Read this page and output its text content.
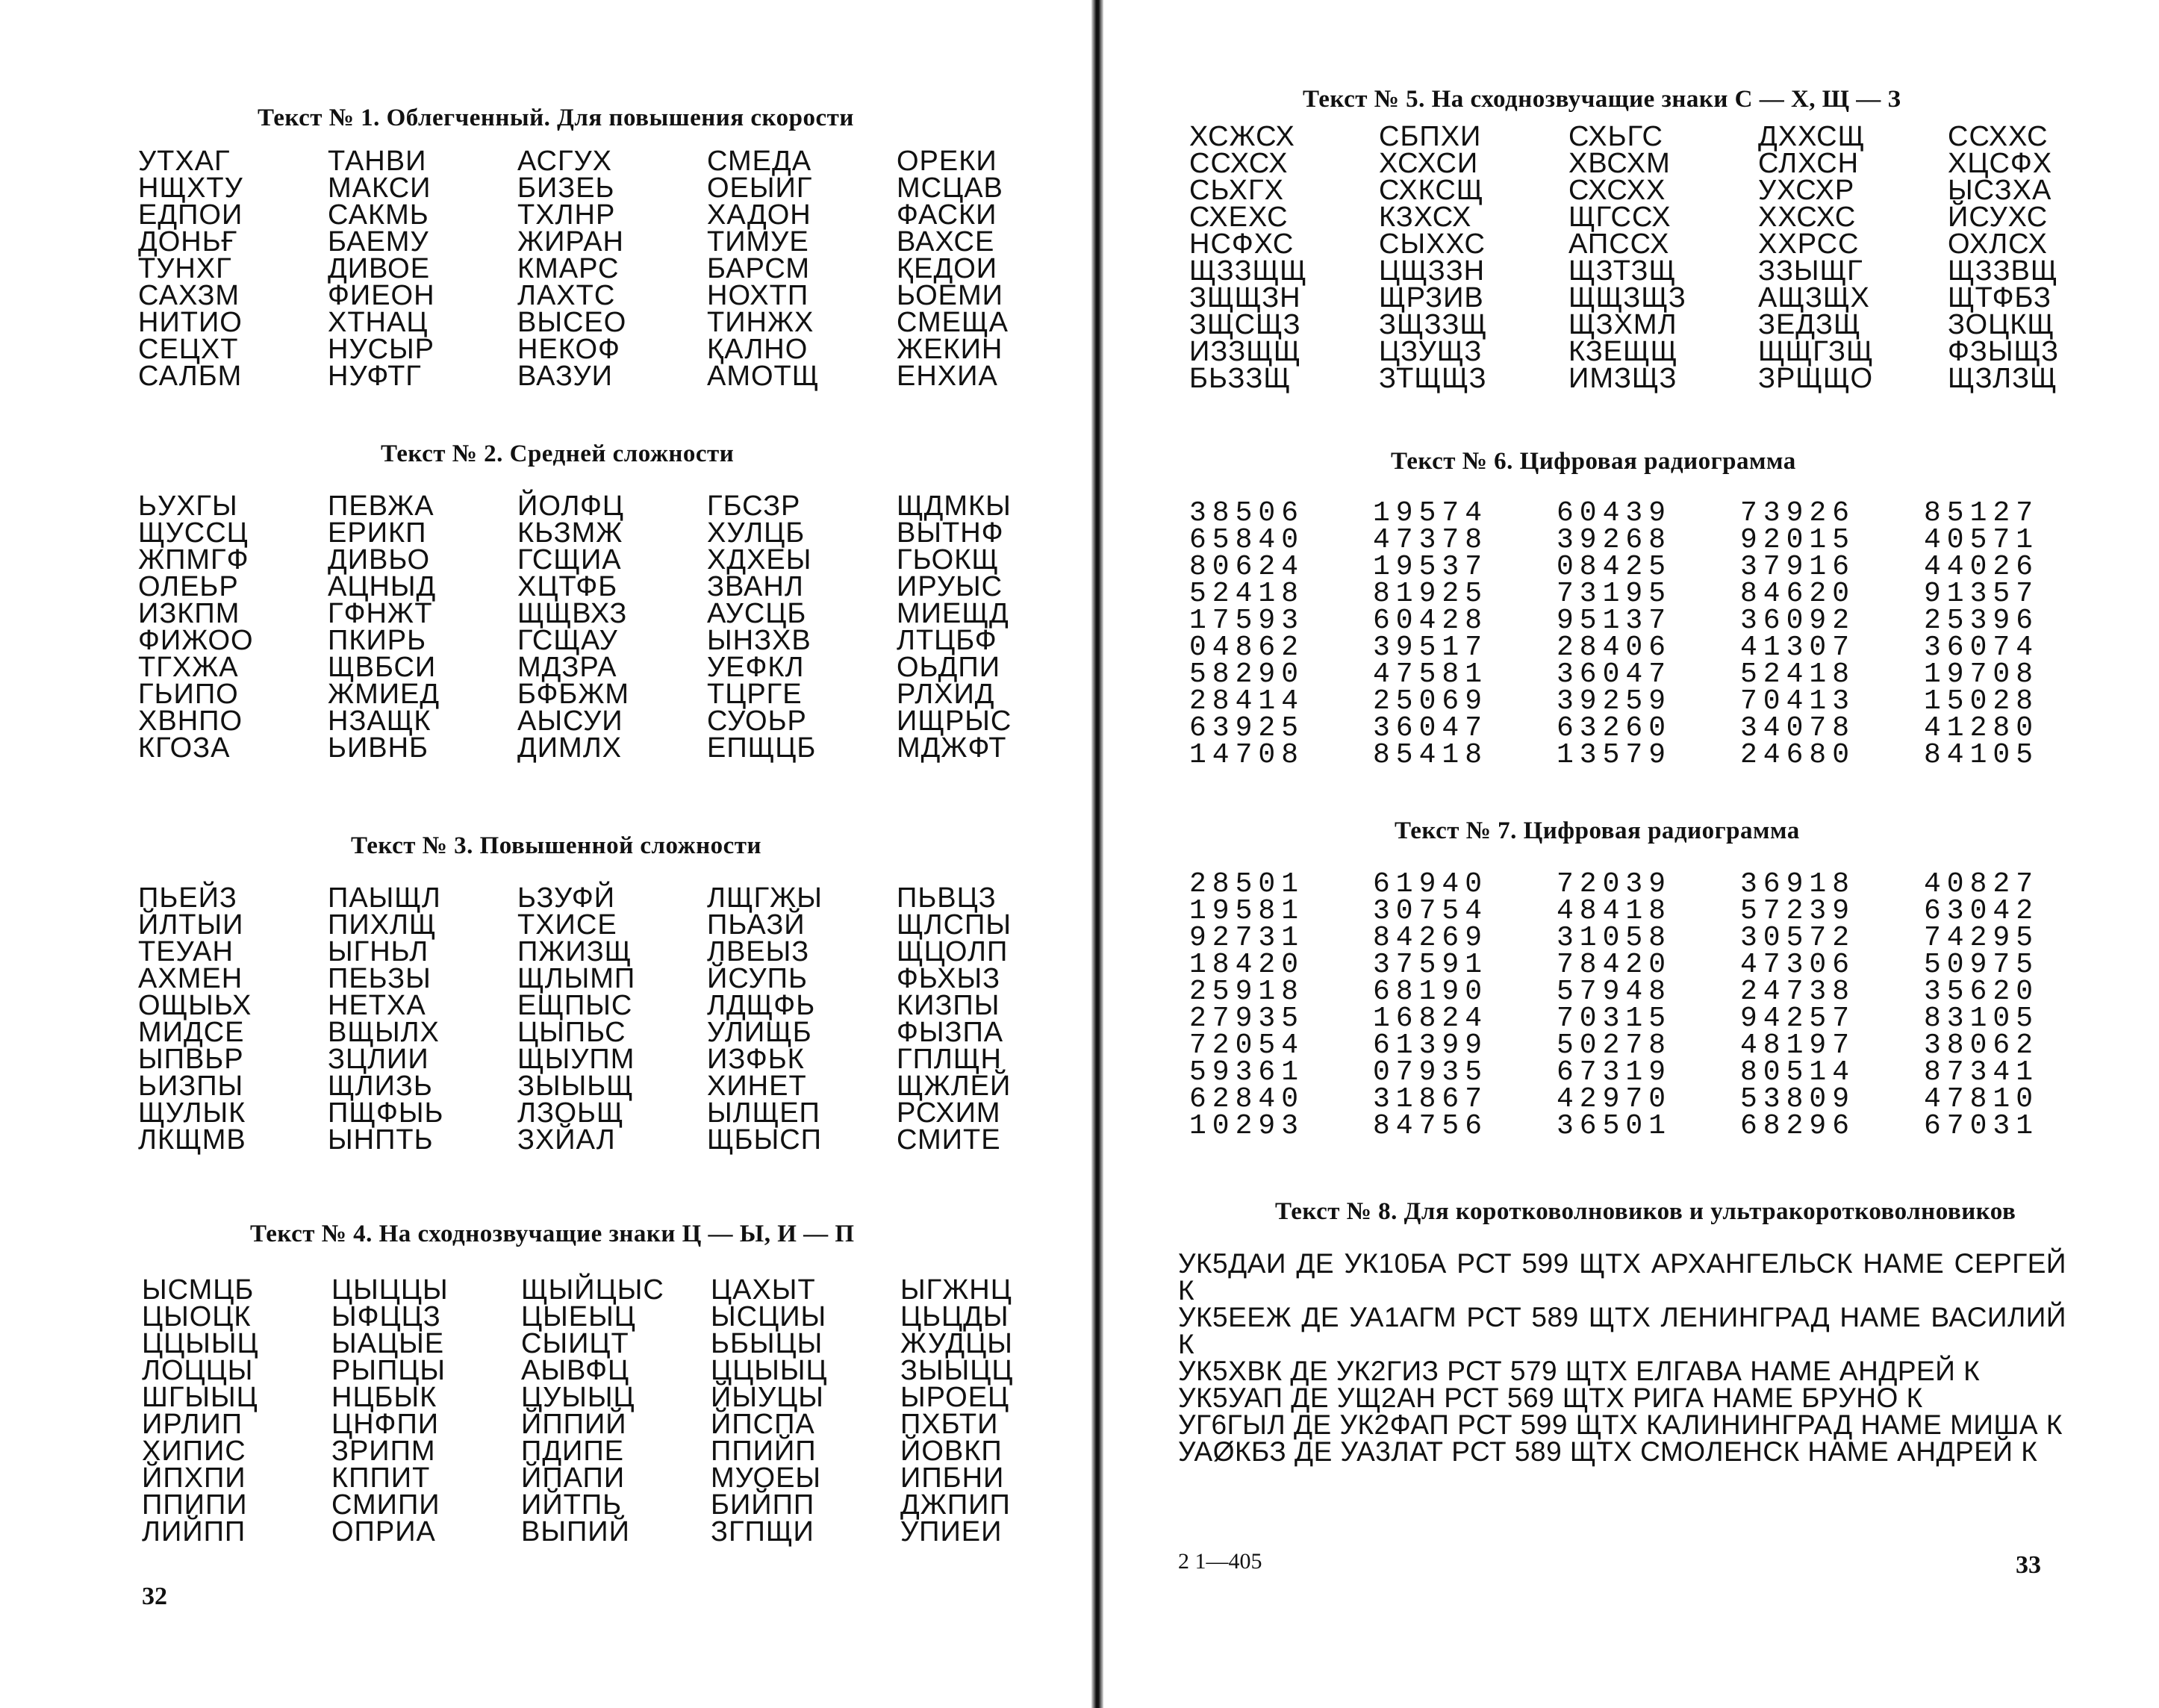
Текст № 1. Облегченный. Для повышения скорости
УТХАГ
НЩХТУ
ЕДПОИ
ДОНЬҒ
ТУНХГ
САХЗМ
НИТИО
СЕЦХТ
САЛБМ
ТАНВИ
МАКСИ
САКМЬ
БАЕМУ
ДИВОЕ
ФИЕОН
ХТНАЦ
НУСЫР
НУФТГ
АСГУХ
БИЗЕЬ
ТХЛНР
ЖИРАН
КМАРС
ЛАХТС
ВЫСЕО
НЕКОФ
ВАЗУИ
СМЕДА
ОЕЫИГ
ХАДОН
ТИМУЕ
БАРСМ
НОХТП
ТИНЖХ
ҚАЛНО
АМОТЩ
ОРЕКИ
МСЦАВ
ФАСКИ
ВАХСЕ
ҚЕДОИ
ЬОЕМИ
СМЕЩА
ЖЕКИН
ЕНХИА
Текст № 2. Средней сложности
ЬУХГЫ
ЩУССЦ
ЖПМГФ
ОЛЕЬР
ИЗКПМ
ФИЖОО
ТГХЖА
ГЬИПО
ХВНПО
КГОЗА
ПЕВЖА
ЕРИКП
ДИВЬО
АЦНЫД
ГФНЖТ
ПКИРЬ
ЩВБСИ
ЖМИЕД
НЗАЩК
ЬИВНБ
ЙОЛФЦ
КЬЗМЖ
ГСЩИА
ХЦТФБ
ЩЩВХЗ
ГСЩАУ
МДЗРА
БФБЖМ
АЫСУИ
ДИМЛХ
ГБСЗР
ХУЛЦБ
ХДХЕЫ
ЗВАНЛ
АУСЦБ
ЫНЗХВ
УЕФКЛ
ТЦРГЕ
СУОЬР
ЕПЩЦБ
ЩДМКЫ
ВЫТНФ
ГЬОКЩ
ИРУЫС
МИЕЩД
ЛТЦБФ
ОЬДПИ
РЛХИД
ИЩРЫС
МДЖФТ
Текст № 3. Повышенной сложности
ПЬЕЙЗ
ЙЛТЫИ
ТЕУАН
АХМЕН
ОЩЫЬХ
МИДСЕ
ЫПВЬР
ЬИЗПЫ
ЩУЛЫК
ЛКЩМВ
ПАЫЩЛ
ПИХЛЩ
ЫГНЬЛ
ПЕЬЗЫ
НЕТХА
ВЩЫЛХ
ЗЦЛИИ
ЩЛИЗЬ
ПЩФЫЬ
ЫНПТЬ
ЬЗУФЙ
ТХИСЕ
ПЖИЗЩ
ЩЛЫМП
ЕЩПЫС
ЦЫПЬС
ЩЫУПМ
ЗЫЫЬЩ
ЛЗОЬЩ
ЗХЙАЛ
ЛЩГЖЫ
ПЬАЗЙ
ЛВЕЫЗ
ЙСУПЬ
ЛДЩФЬ
УЛИЩБ
ИЗФЬК
ХИНЕТ
ЫЛЩЕП
ЩБЫСП
ПЬВЦЗ
ЩЛСПЫ
ЩЦОЛП
ФЬХЫЗ
КИЗПЫ
ФЫЗПА
ГПЛЩН
ЩЖЛЕЙ
РСХИМ
СМИТЕ
Текст № 4. На сходнозвучащие знаки Ц — Ы, И — П
ЫСМЦБ
ЦЫОЦК
ЦЦЫЫЦ
ЛОЦЦЫ
ШГЫЫЦ
ИРЛИП
ХИПИС
ЙПХПИ
ППИПИ
ЛИЙПП
ЦЫЦЦЫ
ЫФЦЦЗ
ЫАЦЫЕ
РЫПЦЫ
НЦБЫК
ЦНФПИ
ЗРИПМ
КППИТ
СМИПИ
ОПРИА
ЩЫЙЦЫС
ЦЫЕЫЦ
СЫИЦТ
АЫВФЦ
ЦУЫЫЦ
ЙППИЙ
ПДИПЕ
ЙПАПИ
ИЙТПЬ
ВЫПИЙ
ЦАХЫТ
ЫСЦИЫ
ЬБЫЦЫ
ЦЦЫЫЦ
ЙЫУЦЫ
ЙПСПА
ППИЙП
МУОЕЫ
БИЙПП
ЗГПЩИ
ЫГЖНЦ
ЦЬЦДЫ
ЖУДЦЫ
ЗЫЫЦЦ
ЫРОЕЦ
ПХБТИ
ЙОВКП
ИПБНИ
ДЖПИП
УПИЕИ
32
Текст № 5. На сходнозвучащие знаки С — Х, Щ — З
ХСЖСХ
ССХСХ
СЬХГХ
СХЕХС
НСФХС
ЩЗЗЩЩ
ЗЩЩЗН
ЗЩСЩЗ
ИЗЗЩЩ
БЬЗЗЩ
СБПХИ
ХСХСИ
СХКСЩ
КЗХСХ
СЫХХС
ЦЩЗЗН
ЩРЗИВ
ЗЩЗЗЩ
ЦЗУЩЗ
ЗТЩЩЗ
СХЬГС
ХВСХМ
СХСХХ
ЩГССХ
АПССХ
ЩЗТЗЩ
ЩЩЗЩЗ
ЩЗХМЛ
КЗЕЩЩ
ИМЗЩЗ
ДХХСЩ
СЛХСН
УХСХР
ХХСХС
ХХРСС
ЗЗЫЩГ
АЩЗЩХ
ЗЕДЗЩ
ЩЩГЗЩ
ЗРЩЩО
ССХХС
ХЦСФХ
ЫСЗХА
ЙСУХС
ОХЛСХ
ЩЗЗВЩ
ЩТФБЗ
ЗОЦКЩ
ФЗЫЩЗ
ЩЗЛЗЩ
Текст № 6. Цифровая радиограмма
38506
65840
80624
52418
17593
04862
58290
28414
63925
14708
19574
47378
19537
81925
60428
39517
47581
25069
36047
85418
60439
39268
08425
73195
95137
28406
36047
39259
63260
13579
73926
92015
37916
84620
36092
41307
52418
70413
34078
24680
85127
40571
44026
91357
25396
36074
19708
15028
41280
84105
Текст № 7. Цифровая радиограмма
28501
19581
92731
18420
25918
27935
72054
59361
62840
10293
61940
30754
84269
37591
68190
16824
61399
07935
31867
84756
72039
48418
31058
78420
57948
70315
50278
67319
42970
36501
36918
57239
30572
47306
24738
94257
48197
80514
53809
68296
40827
63042
74295
50975
35620
83105
38062
87341
47810
67031
Текст № 8. Для коротковолновиков и ультракоротковолновиков
УК5ДАИ ДЕ УК10БА РСТ 599 ЩТХ АРХАНГЕЛЬСК НАМЕ СЕРГЕЙ К
УК5ЕЕЖ ДЕ УА1АГМ РСТ 589 ЩТХ ЛЕНИНГРАД НАМЕ ВАСИЛИЙ К
УК5ХВК ДЕ УК2ГИЗ РСТ 579 ЩТХ ЕЛГАВА НАМЕ АНДРЕЙ К
УК5УАП ДЕ УЩ2АН РСТ 569 ЩТХ РИГА НАМЕ БРУНО К
УГ6ГЫЛ ДЕ УК2ФАП РСТ 599 ЩТХ КАЛИНИНГРАД НАМЕ МИША К
УАØКБЗ ДЕ УА3ЛАТ РСТ 589 ЩТХ СМОЛЕНСК НАМЕ АНДРЕЙ К
2 1—405	33
